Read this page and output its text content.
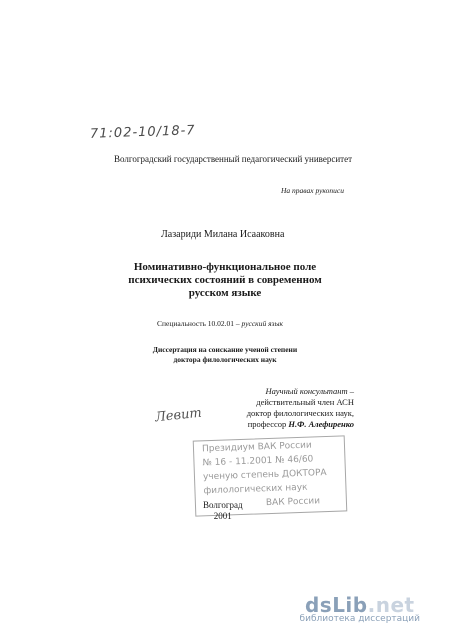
71:02-10/18-7
Волгоградский государственный педагогический университет
На правах рукописи
Лазариди Милана Исааковна
Номинативно-функциональное поле
психических состояний в современном
русском языке
Специальность 10.02.01 – русский язык
Диссертация на соискание ученой степени
доктора филологических наук
Научный консультант –
действительный член АСН
доктор филологических наук,
профессор Н.Ф. Алефиренко
Левит
Президиум ВАК России
№ 16 - 11.2001 № 46/60
ученую степень ДОКТОРА
филологических наук
ВАК России
Волгоград
2001
dsLib.net
библиотека диссертаций
